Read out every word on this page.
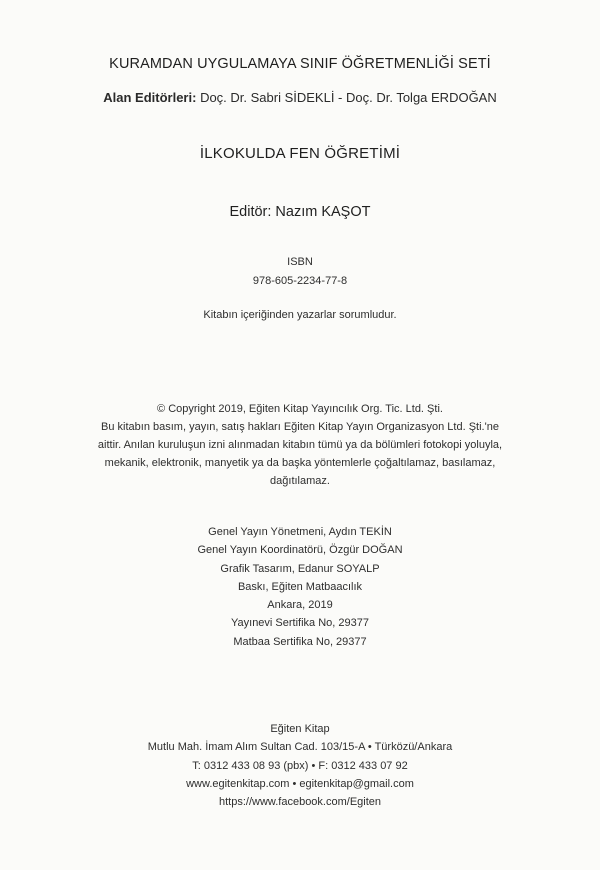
KURAMDAN UYGULAMAYA SINIF ÖĞRETMENLİĞİ SETİ
Alan Editörleri: Doç. Dr. Sabri SİDEKLİ - Doç. Dr. Tolga ERDOĞAN
İLKOKULDA FEN ÖĞRETİMİ
Editör: Nazım KAŞOT
ISBN
978-605-2234-77-8
Kitabın içeriğinden yazarlar sorumludur.
© Copyright 2019, Eğiten Kitap Yayıncılık Org. Tic. Ltd. Şti.
Bu kitabın basım, yayın, satış hakları Eğiten Kitap Yayın Organizasyon Ltd. Şti.'ne
aittir. Anılan kuruluşun izni alınmadan kitabın tümü ya da bölümleri fotokopi yoluyla,
mekanik, elektronik, manyetik ya da başka yöntemlerle çoğaltılamaz, basılamaz,
dağıtılamaz.
Genel Yayın Yönetmeni, Aydın TEKİN
Genel Yayın Koordinatörü, Özgür DOĞAN
Grafik Tasarım, Edanur SOYALP
Baskı, Eğiten Matbaacılık
Ankara, 2019
Yayınevi Sertifika No, 29377
Matbaa Sertifika No, 29377
Eğiten Kitap
Mutlu Mah. İmam Alım Sultan Cad. 103/15-A • Türközü/Ankara
T: 0312 433 08 93 (pbx) • F: 0312 433 07 92
www.egitenkitap.com • egitenkitap@gmail.com
https://www.facebook.com/Egiten
